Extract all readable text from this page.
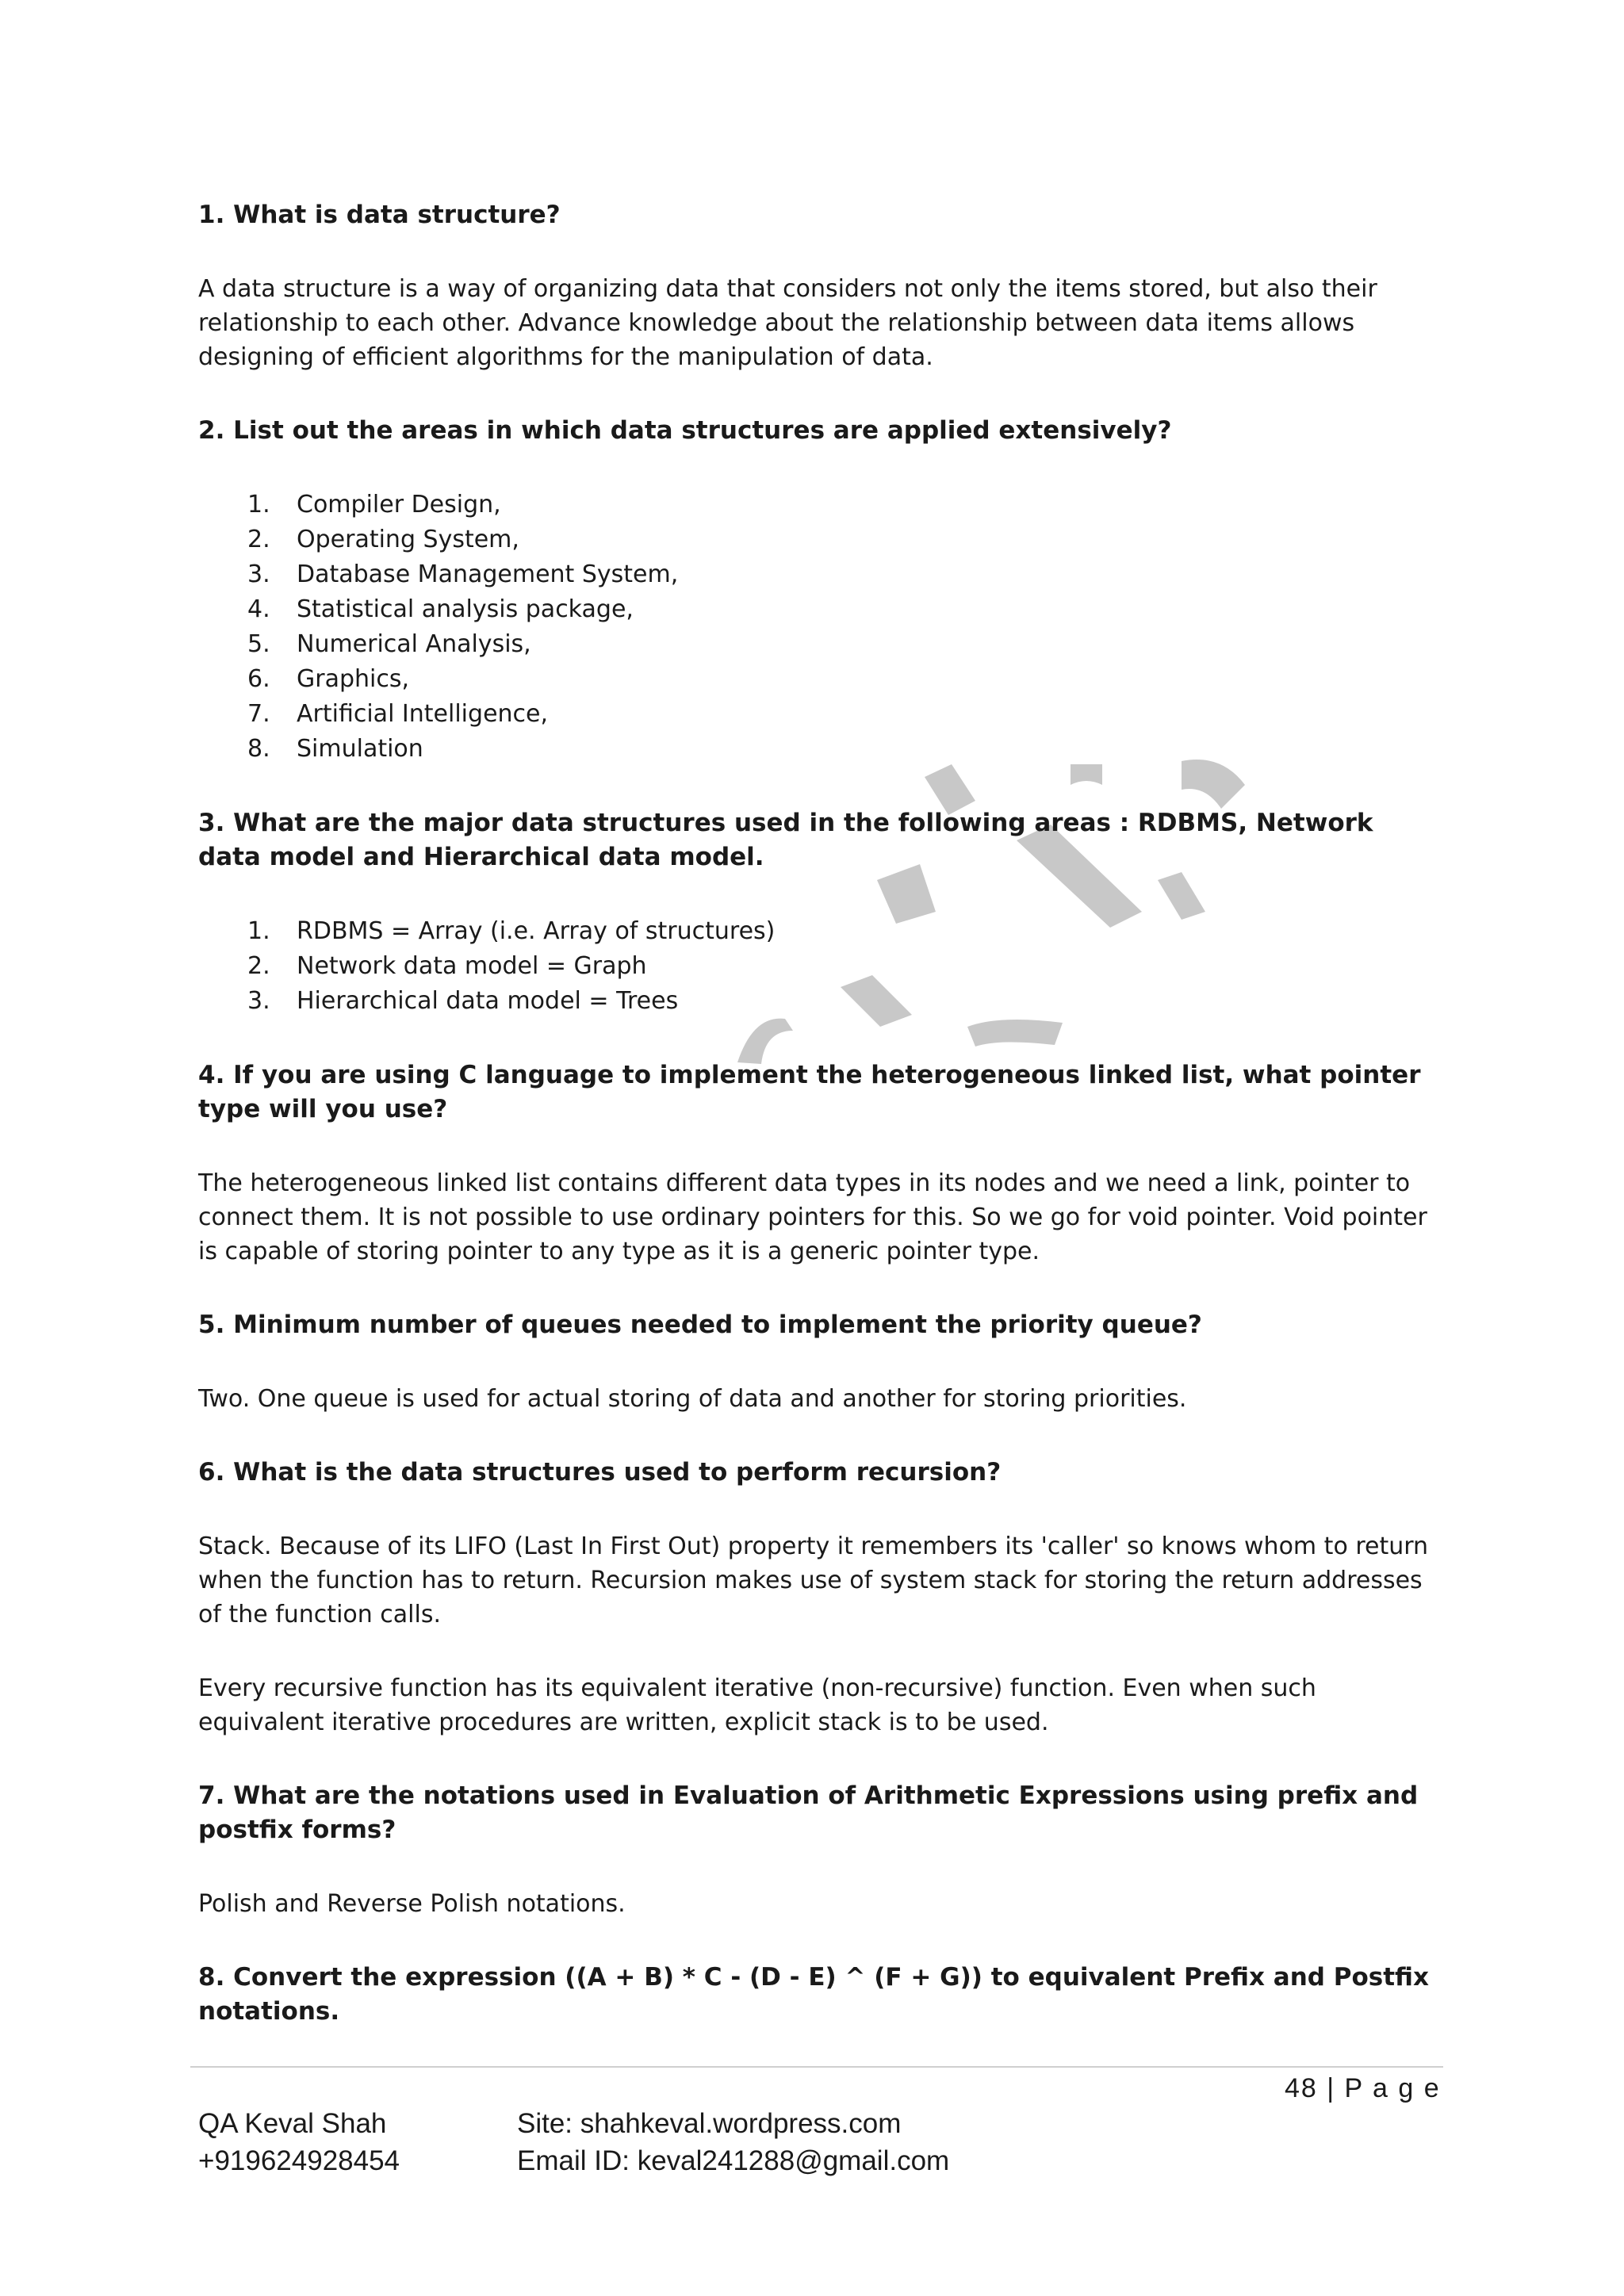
1. What is data structure?

A data structure is a way of organizing data that considers not only the items stored, but also their relationship to each other. Advance knowledge about the relationship between data items allows designing of efficient algorithms for the manipulation of data.

2. List out the areas in which data structures are applied extensively?

1.	Compiler Design,
2.	Operating System,
3.	Database Management System,
4.	Statistical analysis package,
5.	Numerical Analysis,
6.	Graphics,
7.	Artificial Intelligence,
8.	Simulation

3. What are the major data structures used in the following areas : RDBMS, Network data model and Hierarchical data model.

1.	RDBMS = Array (i.e. Array of structures)
2.	Network data model = Graph
3.	Hierarchical data model = Trees

4. If you are using C language to implement the heterogeneous linked list, what pointer type will you use?

The heterogeneous linked list contains different data types in its nodes and we need a link, pointer to connect them. It is not possible to use ordinary pointers for this. So we go for void pointer. Void pointer is capable of storing pointer to any type as it is a generic pointer type.

5. Minimum number of queues needed to implement the priority queue?

Two. One queue is used for actual storing of data and another for storing priorities.

6. What is the data structures used to perform recursion?

Stack. Because of its LIFO (Last In First Out) property it remembers its 'caller' so knows whom to return when the function has to return. Recursion makes use of system stack for storing the return addresses of the function calls.

Every recursive function has its equivalent iterative (non-recursive) function. Even when such equivalent iterative procedures are written, explicit stack is to be used.

7. What are the notations used in Evaluation of Arithmetic Expressions using prefix and postfix forms?

Polish and Reverse Polish notations.

8. Convert the expression ((A + B) * C - (D - E) ^ (F + G)) to equivalent Prefix and Postfix notations.

48 | P a g e
QA Keval Shah
+919624928454
Site: shahkeval.wordpress.com
Email ID: keval241288@gmail.com
